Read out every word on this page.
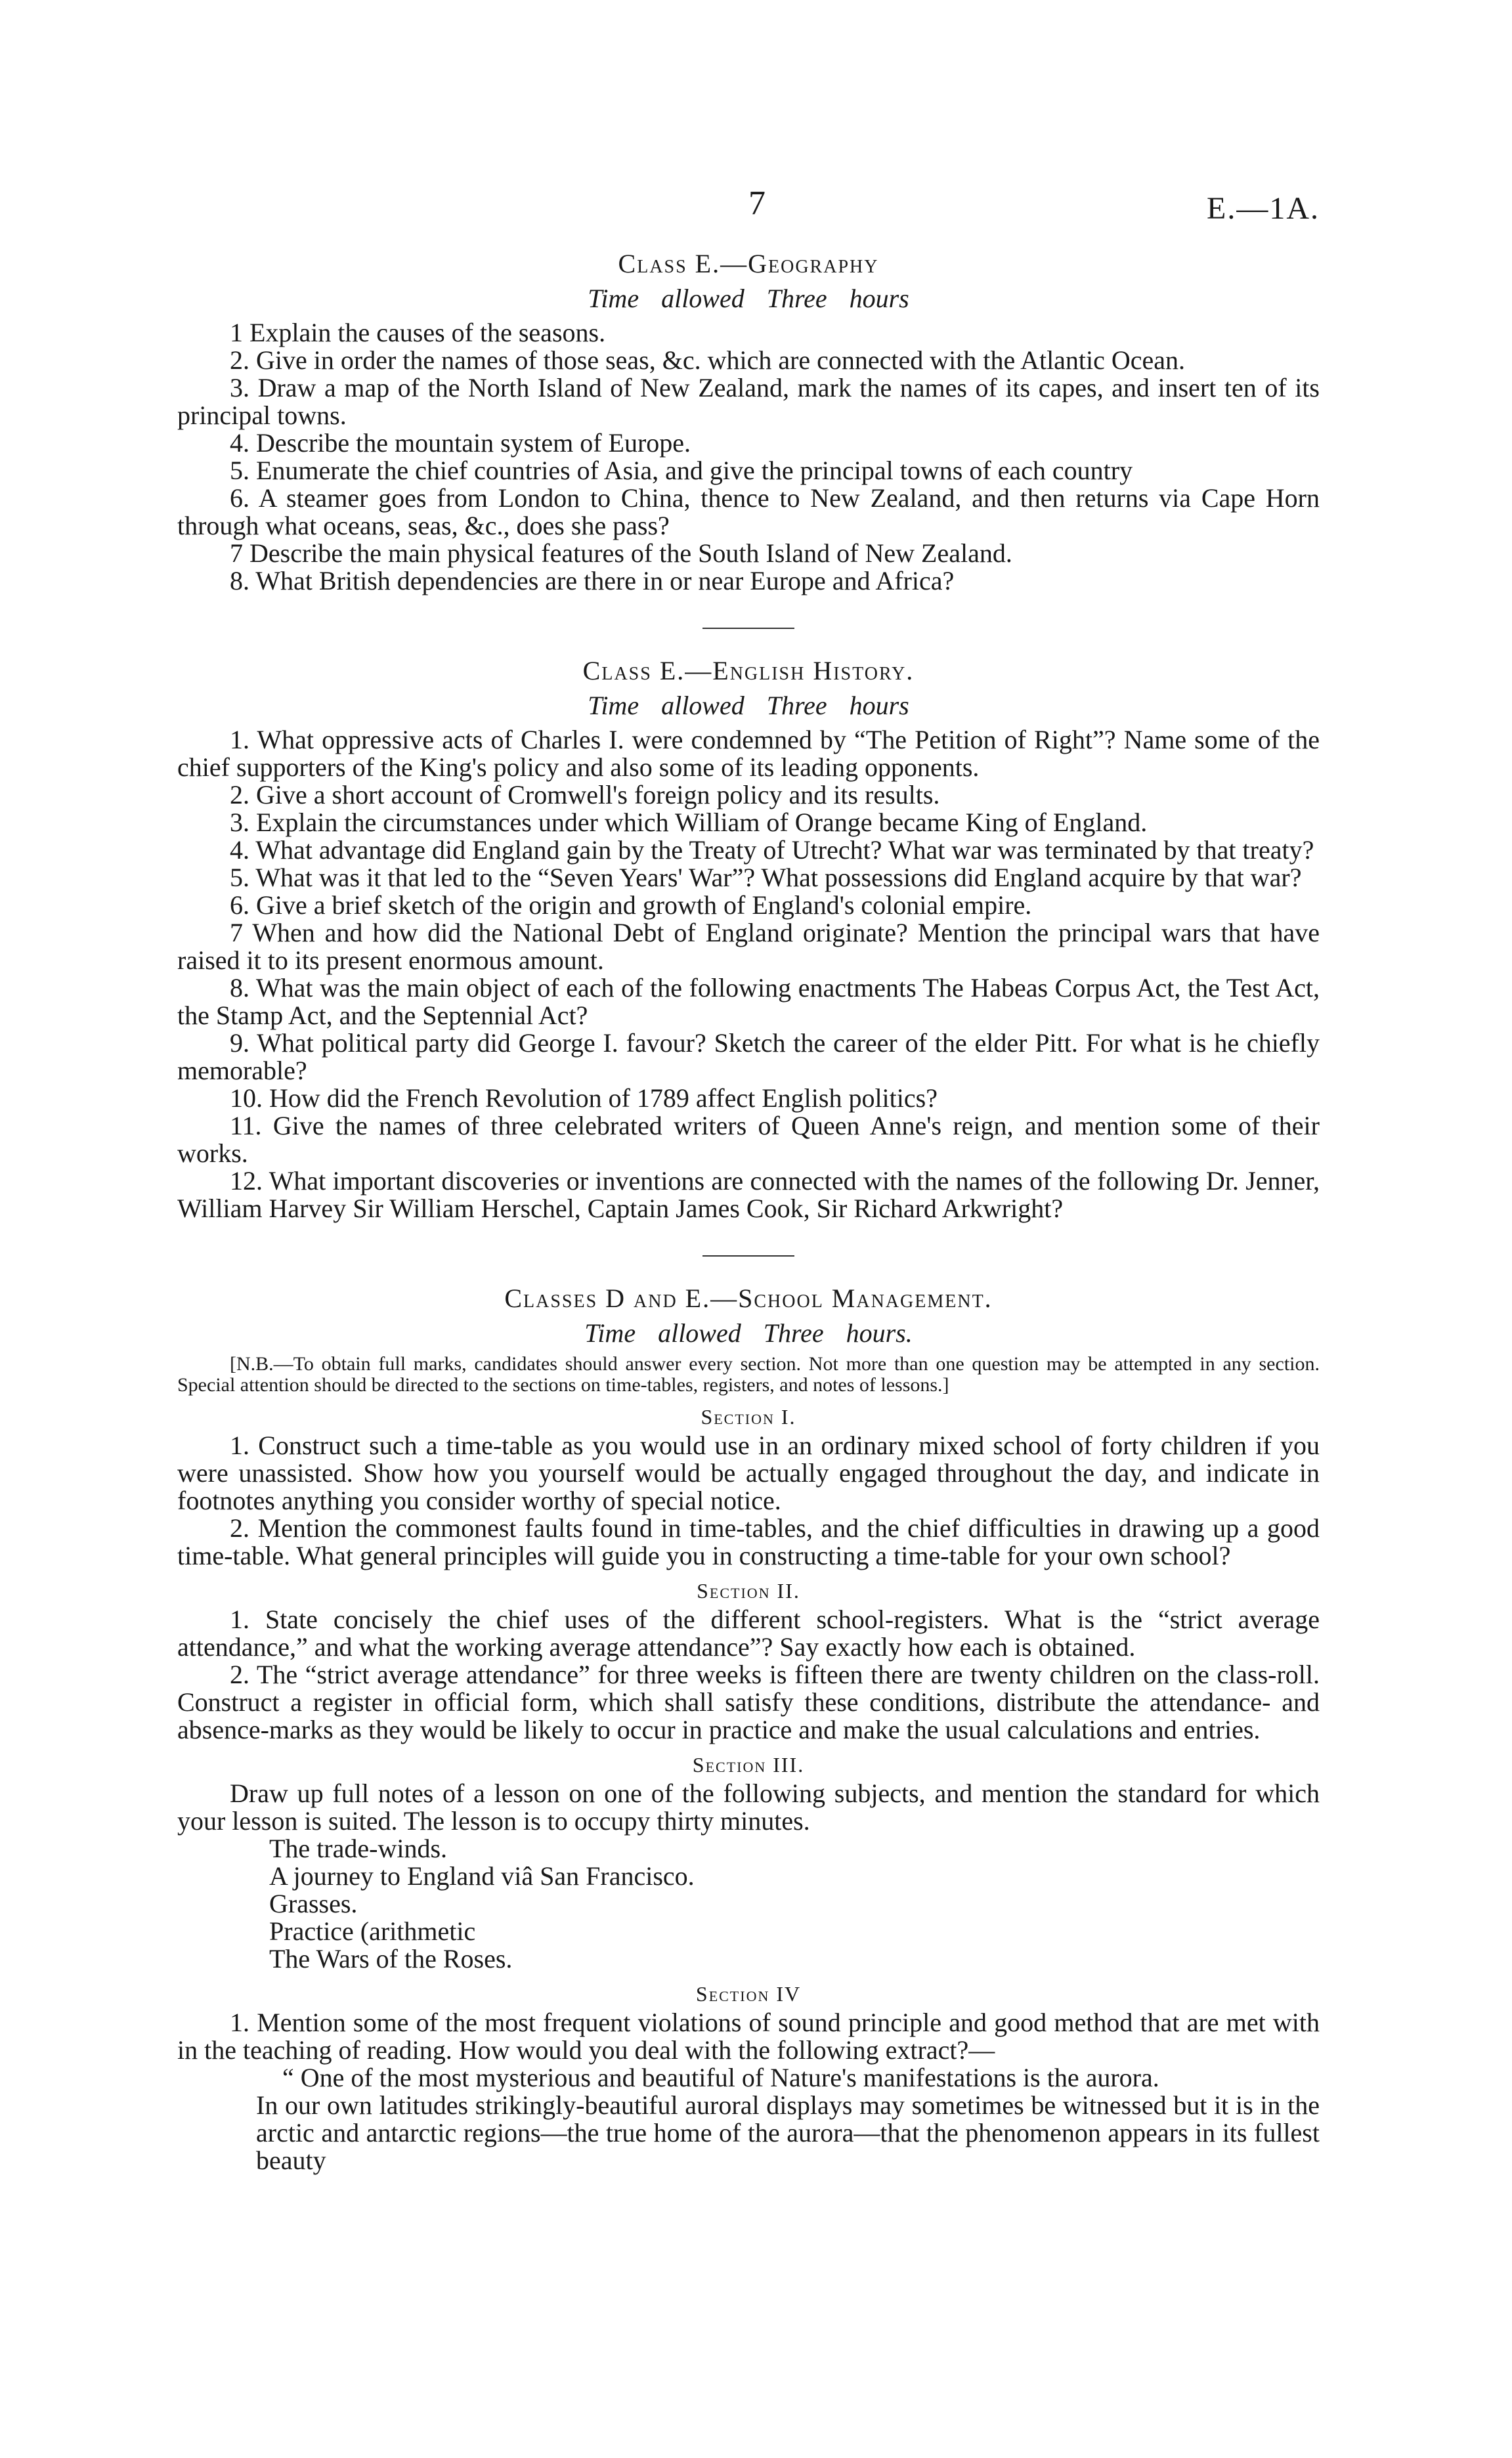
7	E.—1A.
Class E.—Geography
Time allowed Three hours

1 Explain the causes of the seasons.

2. Give in order the names of those seas, &c. which are connected with the Atlantic Ocean.

3. Draw a map of the North Island of New Zealand, mark the names of its capes, and insert ten of its principal towns.

4. Describe the mountain system of Europe.

5. Enumerate the chief countries of Asia, and give the principal towns of each country

6. A steamer goes from London to China, thence to New Zealand, and then returns via Cape Horn through what oceans, seas, &c., does she pass?

7 Describe the main physical features of the South Island of New Zealand.

8. What British dependencies are there in or near Europe and Africa?

Class E.—English History.
Time allowed Three hours

1. What oppressive acts of Charles I. were condemned by “The Petition of Right”? Name some of the chief supporters of the King's policy and also some of its leading opponents.

2. Give a short account of Cromwell's foreign policy and its results.

3. Explain the circumstances under which William of Orange became King of England.

4. What advantage did England gain by the Treaty of Utrecht? What war was terminated by that treaty?

5. What was it that led to the “Seven Years' War”? What possessions did England acquire by that war?

6. Give a brief sketch of the origin and growth of England's colonial empire.

7 When and how did the National Debt of England originate? Mention the principal wars that have raised it to its present enormous amount.

8. What was the main object of each of the following enactments The Habeas Corpus Act, the Test Act, the Stamp Act, and the Septennial Act?

9. What political party did George I. favour? Sketch the career of the elder Pitt. For what is he chiefly memorable?

10. How did the French Revolution of 1789 affect English politics?

11. Give the names of three celebrated writers of Queen Anne's reign, and mention some of their works.

12. What important discoveries or inventions are connected with the names of the following Dr. Jenner, William Harvey Sir William Herschel, Captain James Cook, Sir Richard Arkwright?

Classes D and E.—School Management.
Time allowed Three hours.

[N.B.—To obtain full marks, candidates should answer every section. Not more than one question may be attempted in any section. Special attention should be directed to the sections on time-tables, registers, and notes of lessons.]

Section I.

1. Construct such a time-table as you would use in an ordinary mixed school of forty children if you were unassisted. Show how you yourself would be actually engaged throughout the day, and indicate in footnotes anything you consider worthy of special notice.

2. Mention the commonest faults found in time-tables, and the chief difficulties in drawing up a good time-table. What general principles will guide you in constructing a time-table for your own school?

Section II.

1. State concisely the chief uses of the different school-registers. What is the “strict average attendance,” and what the working average attendance”? Say exactly how each is obtained.

2. The “strict average attendance” for three weeks is fifteen there are twenty children on the class-roll. Construct a register in official form, which shall satisfy these conditions, distribute the attendance- and absence-marks as they would be likely to occur in practice and make the usual calculations and entries.

Section III.

Draw up full notes of a lesson on one of the following subjects, and mention the standard for which your lesson is suited. The lesson is to occupy thirty minutes.

The trade-winds.
A journey to England viâ San Francisco.
Grasses.
Practice (arithmetic
The Wars of the Roses.
Section IV

1. Mention some of the most frequent violations of sound principle and good method that are met with in the teaching of reading. How would you deal with the following extract?—

“ One of the most mysterious and beautiful of Nature's manifestations is the aurora.

In our own latitudes strikingly-beautiful auroral displays may sometimes be witnessed but it is in the arctic and antarctic regions—the true home of the aurora—that the phenomenon appears in its fullest beauty
